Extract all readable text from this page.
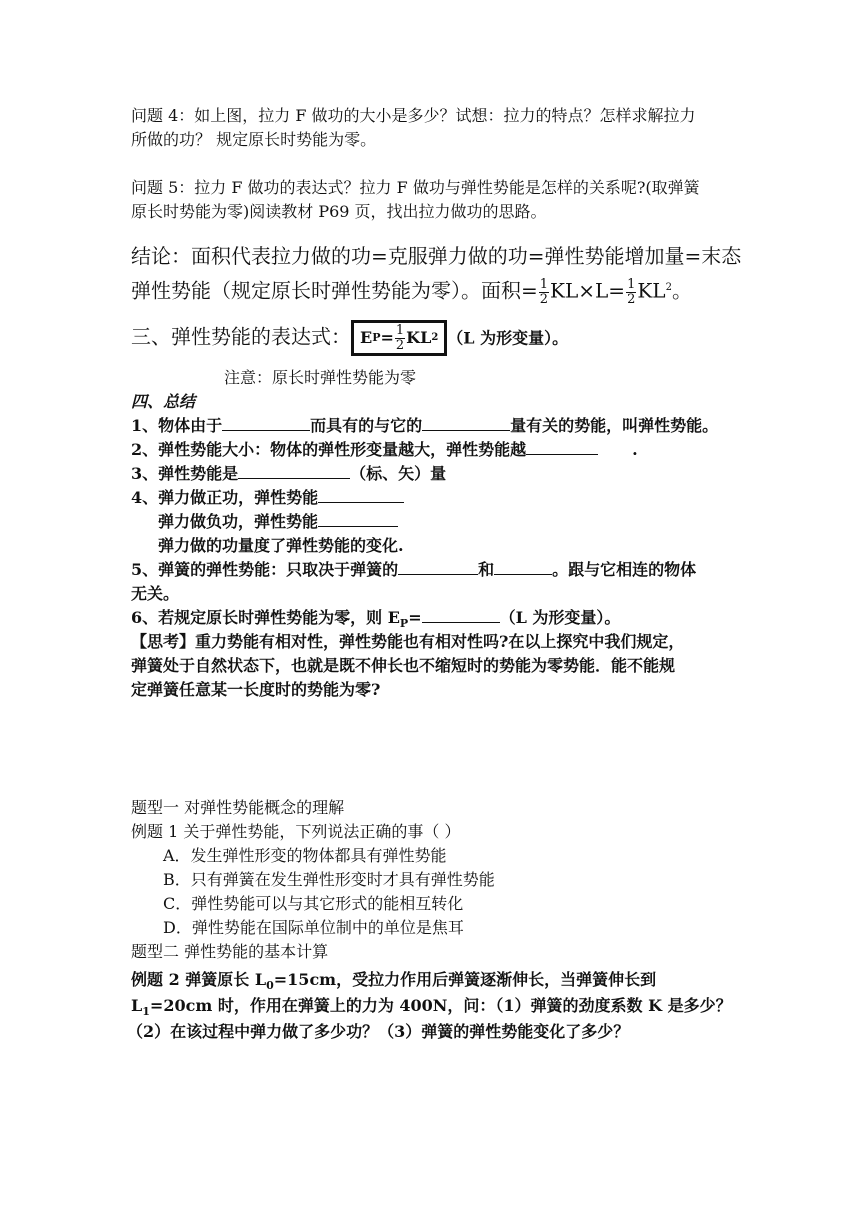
问题 4：如上图，拉力 F 做功的大小是多少？试想：拉力的特点？怎样求解拉力
所做的功？ 规定原长时势能为零。
问题 5：拉力 F 做功的表达式？拉力 F 做功与弹性势能是怎样的关系呢?(取弹簧
原长时势能为零)阅读教材 P69 页，找出拉力做功的思路。
结论：面积代表拉力做的功=克服弹力做的功=弹性势能增加量=末态
弹性势能（规定原长时弹性势能为零）。面积= $\frac{1}{2} KL\times L= \frac{1}{2} KL^2$。
三、弹性势能的表达式： E $P = \frac{1}{2}$ KL 2 （L 为形变量）。
注意：原长时弹性势能为零
四、总结
1、物体由于	而具有的与它的	量有关的势能，叫弹性势能。
2、弹性势能大小：物体的弹性形变量越大，弹性势能越	.
3、弹性势能是	（标、矢）量
4、弹力做正功，弹性势能
弹力做负功，弹性势能
弹力做的功量度了弹性势能的变化.
5、弹簧的弹性势能：只取决于弹簧的	和	。跟与它相连的物体
无关。
6、若规定原长时弹性势能为零，则 $E_P=$	（L 为形变量）。
【思考】重力势能有相对性，弹性势能也有相对性吗?在以上探究中我们规定，
弹簧处于自然状态下，也就是既不伸长也不缩短时的势能为零势能．能不能规
定弹簧任意某一长度时的势能为零?
题型一 对弹性势能概念的理解
例题 1 关于弹性势能，下列说法正确的事（ ）
A．发生弹性形变的物体都具有弹性势能
B．只有弹簧在发生弹性形变时才具有弹性势能
C．弹性势能可以与其它形式的能相互转化
D．弹性势能在国际单位制中的单位是焦耳
题型二 弹性势能的基本计算
例题 2 弹簧原长 $L_0=15cm$，受拉力作用后弹簧逐渐伸长，当弹簧伸长到
$L_1=20cm$ 时，作用在弹簧上的力为 400N，问：（1）弹簧的劲度系数 K 是多少？
（2）在该过程中弹力做了多少功？（3）弹簧的弹性势能变化了多少？
